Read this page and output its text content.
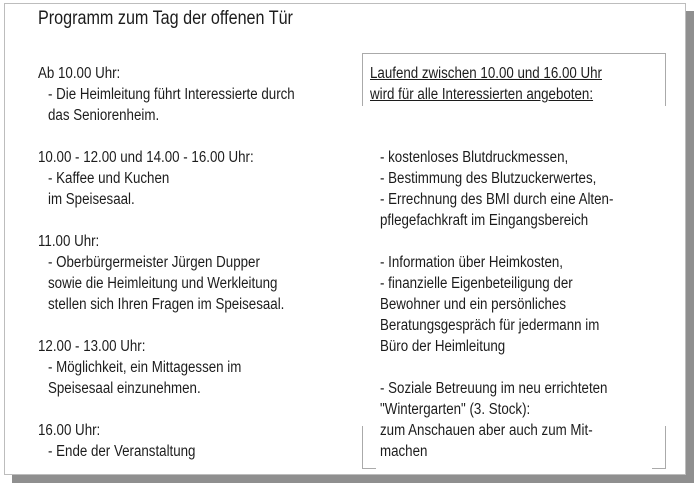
Programm zum Tag der offenen Tür
Ab 10.00 Uhr:
- Die Heimleitung führt Interessierte durch
das Seniorenheim.
10.00 - 12.00 und 14.00 - 16.00 Uhr:
- Kaffee und Kuchen
im Speisesaal.
11.00 Uhr:
- Oberbürgermeister Jürgen Dupper
sowie die Heimleitung und Werkleitung
stellen sich Ihren Fragen im Speisesaal.
12.00 - 13.00 Uhr:
- Möglichkeit, ein Mittagessen im
Speisesaal einzunehmen.
16.00 Uhr:
- Ende der Veranstaltung
Laufend zwischen 10.00 und 16.00 Uhr
wird für alle Interessierten angeboten:
- kostenloses Blutdruckmessen,
- Bestimmung des Blutzuckerwertes,
- Errechnung des BMI durch eine Alten-
pflegefachkraft im Eingangsbereich
- Information über Heimkosten,
- finanzielle Eigenbeteiligung der
Bewohner und ein persönliches
Beratungsgespräch für jedermann im
Büro der Heimleitung
- Soziale Betreuung im neu errichteten
"Wintergarten" (3. Stock):
zum Anschauen aber auch zum Mit-
machen
